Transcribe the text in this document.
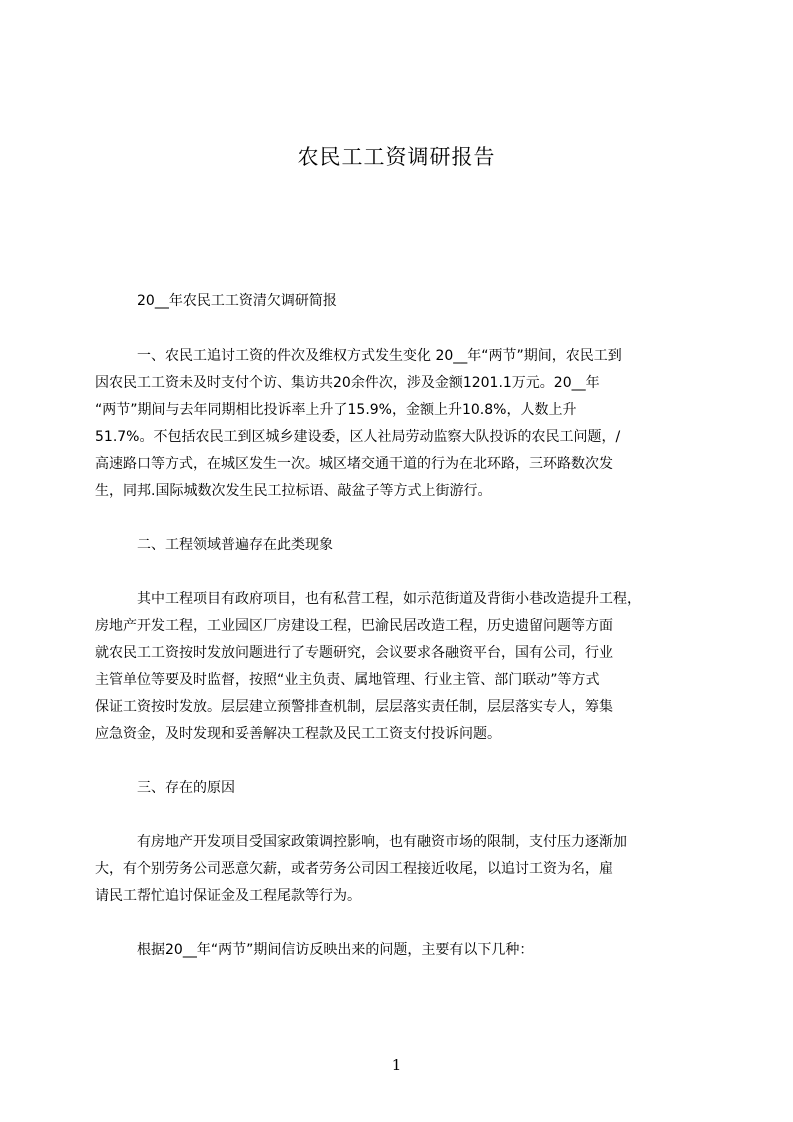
农民工工资调研报告
20__年农民工工资清欠调研简报
一、农民工追讨工资的件次及维权方式发生变化 20__年“两节”期间，农民工到
因农民工工资未及时支付个访、集访共20余件次，涉及金额1201.1万元。20__年
“两节”期间与去年同期相比投诉率上升了15.9%，金额上升10.8%，人数上升
51.7%。不包括农民工到区城乡建设委，区人社局劳动监察大队投诉的农民工问题，/
高速路口等方式，在城区发生一次。城区堵交通干道的行为在北环路，三环路数次发
生，同邦.国际城数次发生民工拉标语、敲盆子等方式上街游行。
二、工程领域普遍存在此类现象
其中工程项目有政府项目，也有私营工程，如示范街道及背街小巷改造提升工程，
房地产开发工程，工业园区厂房建设工程，巴渝民居改造工程，历史遗留问题等方面
就农民工工资按时发放问题进行了专题研究，会议要求各融资平台，国有公司，行业
主管单位等要及时监督，按照“业主负责、属地管理、行业主管、部门联动”等方式
保证工资按时发放。层层建立预警排查机制，层层落实责任制，层层落实专人，筹集
应急资金，及时发现和妥善解决工程款及民工工资支付投诉问题。
三、存在的原因
有房地产开发项目受国家政策调控影响，也有融资市场的限制，支付压力逐渐加
大，有个别劳务公司恶意欠薪，或者劳务公司因工程接近收尾，以追讨工资为名，雇
请民工帮忙追讨保证金及工程尾款等行为。
根据20__年“两节”期间信访反映出来的问题，主要有以下几种：
1
